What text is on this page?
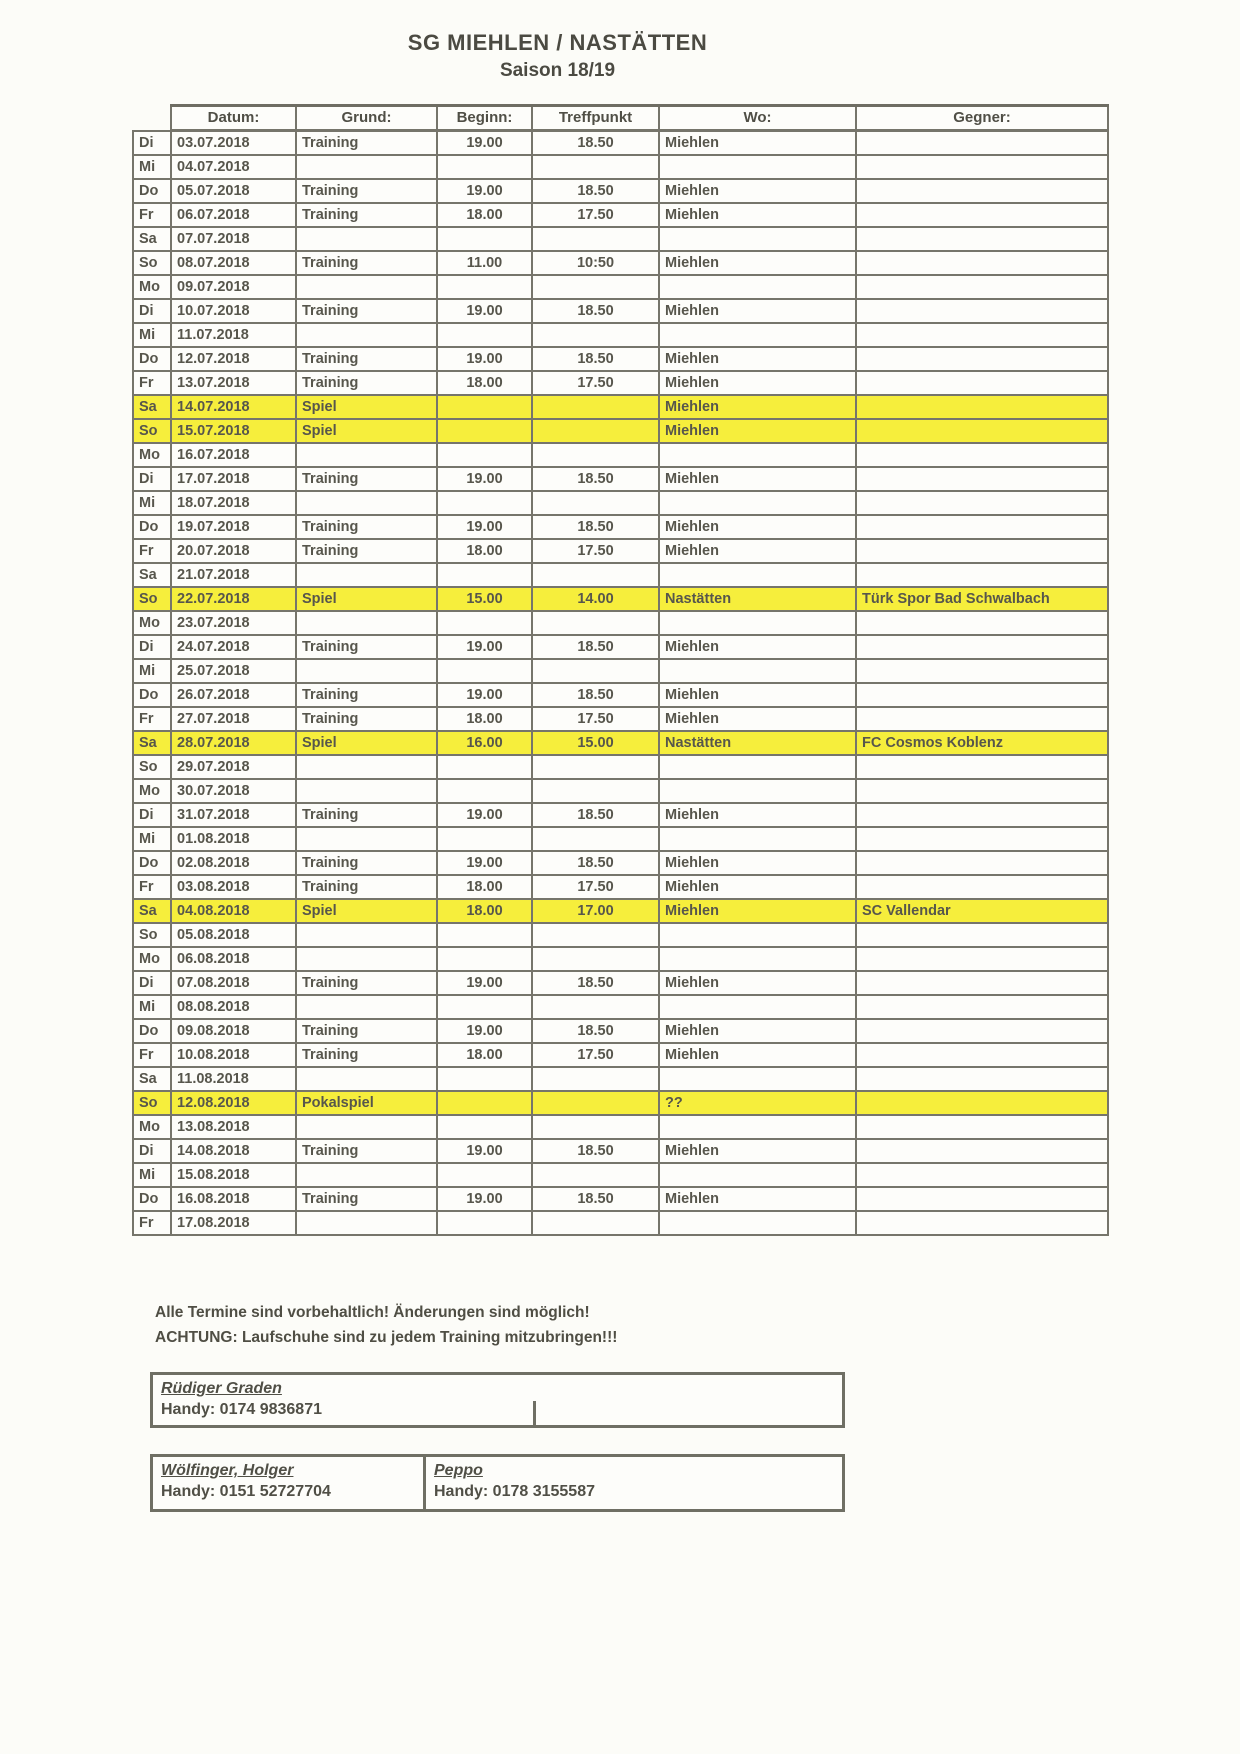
SG MIEHLEN / NASTÄTTEN
Saison 18/19
	Datum:	Grund:	Beginn:	Treffpunkt	Wo:	Gegner:
Di	03.07.2018	Training	19.00	18.50	Miehlen	
Mi	04.07.2018					
Do	05.07.2018	Training	19.00	18.50	Miehlen	
Fr	06.07.2018	Training	18.00	17.50	Miehlen	
Sa	07.07.2018					
So	08.07.2018	Training	11.00	10:50	Miehlen	
Mo	09.07.2018					
Di	10.07.2018	Training	19.00	18.50	Miehlen	
Mi	11.07.2018					
Do	12.07.2018	Training	19.00	18.50	Miehlen	
Fr	13.07.2018	Training	18.00	17.50	Miehlen	
Sa	14.07.2018	Spiel			Miehlen	
So	15.07.2018	Spiel			Miehlen	
Mo	16.07.2018					
Di	17.07.2018	Training	19.00	18.50	Miehlen	
Mi	18.07.2018					
Do	19.07.2018	Training	19.00	18.50	Miehlen	
Fr	20.07.2018	Training	18.00	17.50	Miehlen	
Sa	21.07.2018					
So	22.07.2018	Spiel	15.00	14.00	Nastätten	Türk Spor Bad Schwalbach
Mo	23.07.2018					
Di	24.07.2018	Training	19.00	18.50	Miehlen	
Mi	25.07.2018					
Do	26.07.2018	Training	19.00	18.50	Miehlen	
Fr	27.07.2018	Training	18.00	17.50	Miehlen	
Sa	28.07.2018	Spiel	16.00	15.00	Nastätten	FC Cosmos Koblenz
So	29.07.2018					
Mo	30.07.2018					
Di	31.07.2018	Training	19.00	18.50	Miehlen	
Mi	01.08.2018					
Do	02.08.2018	Training	19.00	18.50	Miehlen	
Fr	03.08.2018	Training	18.00	17.50	Miehlen	
Sa	04.08.2018	Spiel	18.00	17.00	Miehlen	SC Vallendar
So	05.08.2018					
Mo	06.08.2018					
Di	07.08.2018	Training	19.00	18.50	Miehlen	
Mi	08.08.2018					
Do	09.08.2018	Training	19.00	18.50	Miehlen	
Fr	10.08.2018	Training	18.00	17.50	Miehlen	
Sa	11.08.2018					
So	12.08.2018	Pokalspiel			??	
Mo	13.08.2018					
Di	14.08.2018	Training	19.00	18.50	Miehlen	
Mi	15.08.2018					
Do	16.08.2018	Training	19.00	18.50	Miehlen	
Fr	17.08.2018					
Alle Termine sind vorbehaltlich! Änderungen sind möglich!
ACHTUNG: Laufschuhe sind zu jedem Training mitzubringen!!!
Rüdiger Graden
Handy: 0174 9836871
Wölfinger, Holger
Handy: 0151 52727704
Peppo
Handy: 0178 3155587
